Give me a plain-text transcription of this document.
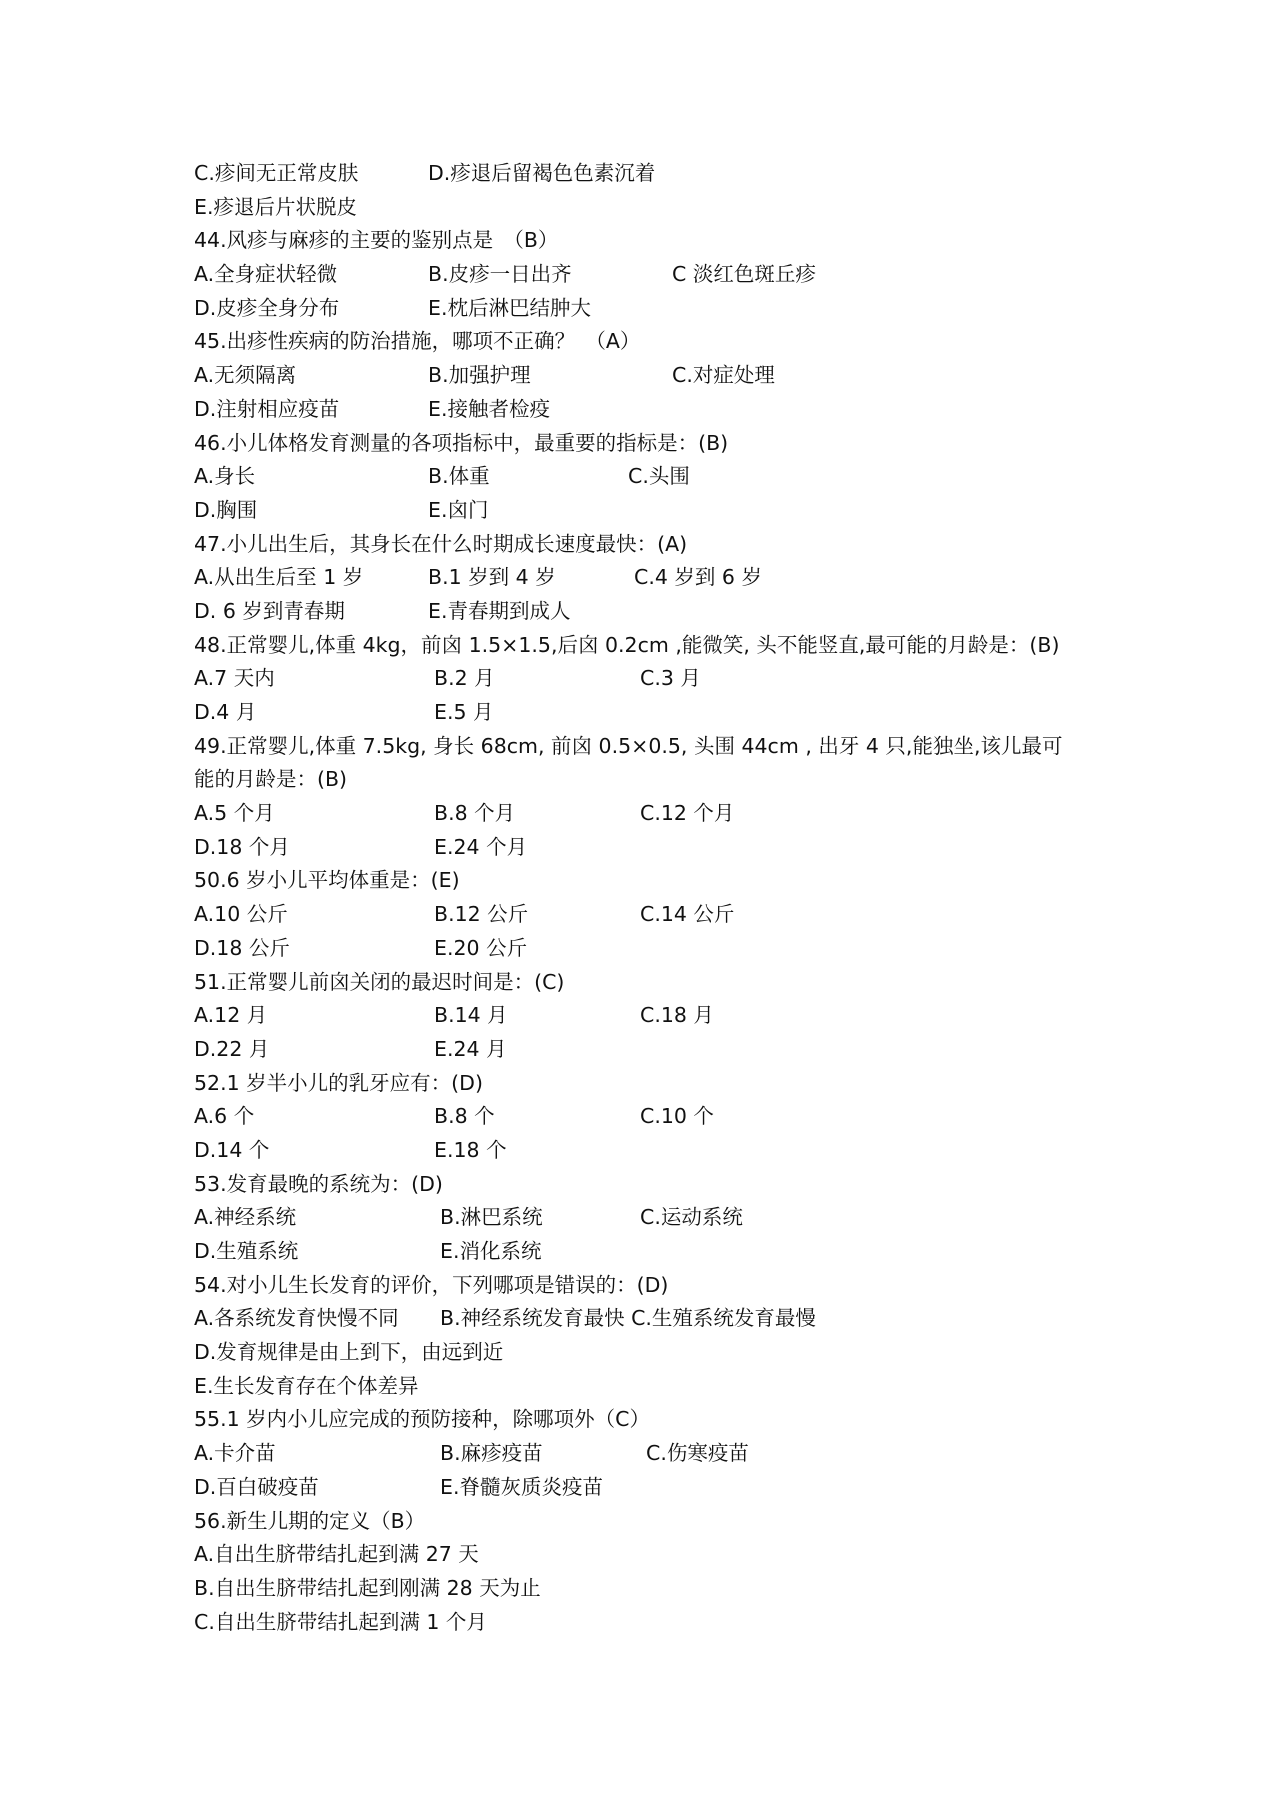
C.疹间无正常皮肤	D.疹退后留褐色色素沉着
E.疹退后片状脱皮
44.风疹与麻疹的主要的鉴别点是　（B）
A.全身症状轻微	B.皮疹一日出齐	C 淡红色斑丘疹
D.皮疹全身分布	E.枕后淋巴结肿大
45.出疹性疾病的防治措施，哪项不正确？　（A）
A.无须隔离	B.加强护理	C.对症处理
D.注射相应疫苗	E.接触者检疫
46.小儿体格发育测量的各项指标中，最重要的指标是：(B)
A.身长	B.体重	C.头围
D.胸围	E.囟门
47.小儿出生后，其身长在什么时期成长速度最快：(A)
A.从出生后至 1 岁	B.1 岁到 4 岁	C.4 岁到 6 岁
D. 6 岁到青春期	E.青春期到成人
48.正常婴儿,体重 4kg，前囟 1.5×1.5,后囟 0.2cm ,能微笑, 头不能竖直,最可能的月龄是：(B)
A.7 天内	B.2 月	C.3 月
D.4 月	E.5 月
49.正常婴儿,体重 7.5kg, 身长 68cm, 前囟 0.5×0.5, 头围 44cm , 出牙 4 只,能独坐,该儿最可
能的月龄是：(B)
A.5 个月	B.8 个月	C.12 个月
D.18 个月	E.24 个月
50.6 岁小儿平均体重是：(E)
A.10 公斤	B.12 公斤	C.14 公斤
D.18 公斤	E.20 公斤
51.正常婴儿前囟关闭的最迟时间是：(C)
A.12 月	B.14 月	C.18 月
D.22 月	E.24 月
52.1 岁半小儿的乳牙应有：(D)
A.6 个	B.8 个	C.10 个
D.14 个	E.18 个
53.发育最晚的系统为：(D)
A.神经系统	B.淋巴系统	C.运动系统
D.生殖系统	E.消化系统
54.对小儿生长发育的评价，下列哪项是错误的：(D)
A.各系统发育快慢不同 B.神经系统发育最快 C.生殖系统发育最慢
D.发育规律是由上到下，由远到近
E.生长发育存在个体差异
55.1 岁内小儿应完成的预防接种，除哪项外（C）
A.卡介苗	B.麻疹疫苗	C.伤寒疫苗
D.百白破疫苗	E.脊髓灰质炎疫苗
56.新生儿期的定义（B）
A.自出生脐带结扎起到满 27 天
B.自出生脐带结扎起到刚满 28 天为止
C.自出生脐带结扎起到满 1 个月
